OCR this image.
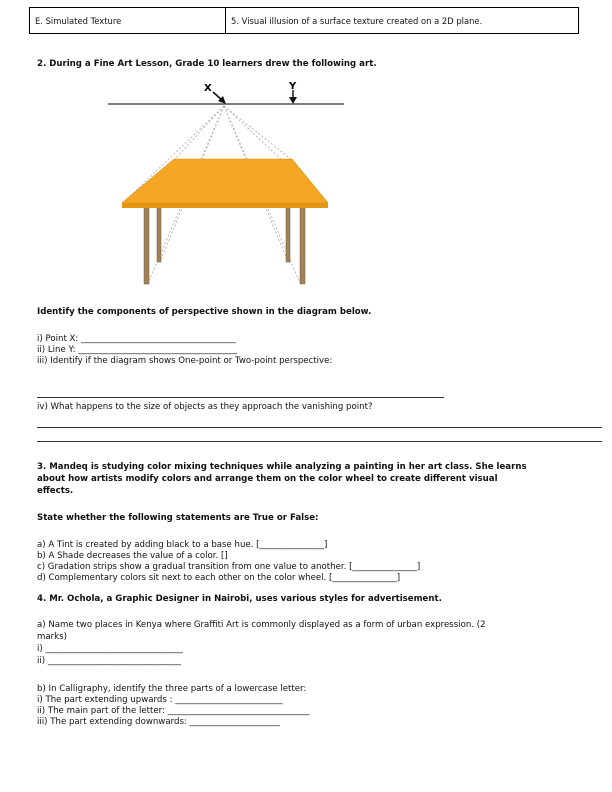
E. Simulated Texture	5. Visual illusion of a surface texture created on a 2D plane.
2. During a Fine Art Lesson, Grade 10 learners drew the following art.
X	Y
Identify the components of perspective shown in the diagram below.
i) Point X: ____________________________________
ii) Line Y: _____________________________________
iii) Identify if the diagram shows One-point or Two-point perspective:
iv) What happens to the size of objects as they approach the vanishing point?
3. Mandeq is studying color mixing techniques while analyzing a painting in her art class. She learns
about how artists modify colors and arrange them on the color wheel to create different visual
effects.
State whether the following statements are True or False:
a) A Tint is created by adding black to a base hue. [_______________]
b) A Shade decreases the value of a color. []
c) Gradation strips show a gradual transition from one value to another. [_______________]
d) Complementary colors sit next to each other on the color wheel. [_______________]
4. Mr. Ochola, a Graphic Designer in Nairobi, uses various styles for advertisement.
a) Name two places in Kenya where Graffiti Art is commonly displayed as a form of urban expression. (2
marks)
i) ________________________________
ii) _______________________________
b) In Calligraphy, identify the three parts of a lowercase letter:
i) The part extending upwards : _________________________
ii) The main part of the letter: _________________________________
iii) The part extending downwards: _____________________
